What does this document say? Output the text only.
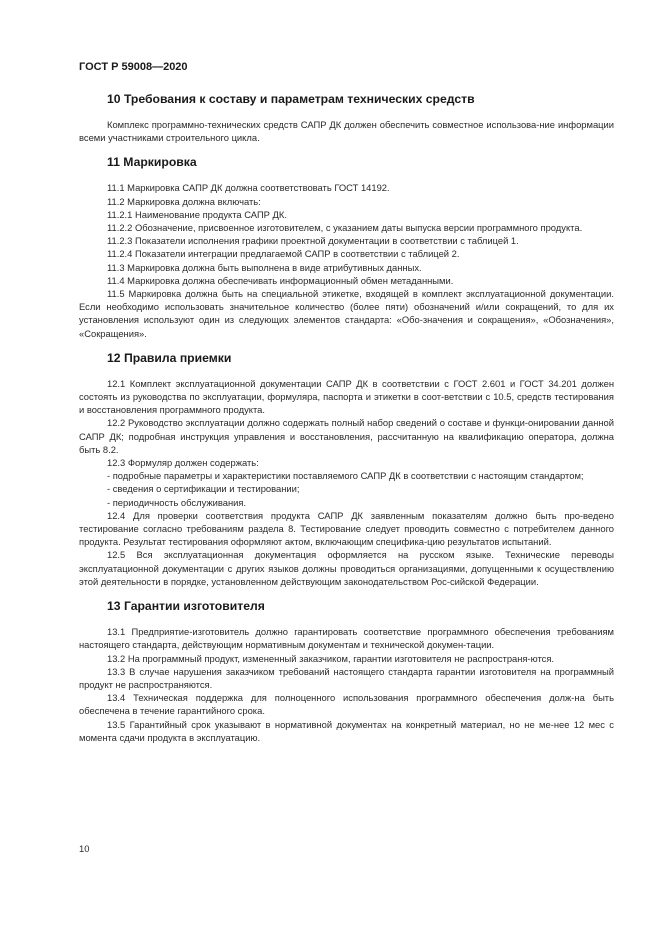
ГОСТ Р 59008—2020
10 Требования к составу и параметрам технических средств

Комплекс программно-технических средств САПР ДК должен обеспечить совместное использова-ние информации всеми участниками строительного цикла.

11 Маркировка

11.1 Маркировка САПР ДК должна соответствовать ГОСТ 14192.

11.2 Маркировка должна включать:

11.2.1 Наименование продукта САПР ДК.

11.2.2 Обозначение, присвоенное изготовителем, с указанием даты выпуска версии программного продукта.

11.2.3 Показатели исполнения графики проектной документации в соответствии с таблицей 1.

11.2.4 Показатели интеграции предлагаемой САПР в соответствии с таблицей 2.

11.3 Маркировка должна быть выполнена в виде атрибутивных данных.

11.4 Маркировка должна обеспечивать информационный обмен метаданными.

11.5 Маркировка должна быть на специальной этикетке, входящей в комплект эксплуатационной документации. Если необходимо использовать значительное количество (более пяти) обозначений и/или сокращений, то для их установления используют один из следующих элементов стандарта: «Обо-значения и сокращения», «Обозначения», «Сокращения».

12 Правила приемки

12.1 Комплект эксплуатационной документации САПР ДК в соответствии с ГОСТ 2.601 и ГОСТ 34.201 должен состоять из руководства по эксплуатации, формуляра, паспорта и этикетки в соот-ветствии с 10.5, средств тестирования и восстановления программного продукта.

12.2 Руководство эксплуатации должно содержать полный набор сведений о составе и функци-онировании данной САПР ДК; подробная инструкция управления и восстановления, рассчитанную на квалификацию оператора, должна быть 8.2.

12.3 Формуляр должен содержать:

- подробные параметры и характеристики поставляемого САПР ДК в соответствии с настоящим стандартом;

- сведения о сертификации и тестировании;

- периодичность обслуживания.

12.4 Для проверки соответствия продукта САПР ДК заявленным показателям должно быть про-ведено тестирование согласно требованиям раздела 8. Тестирование следует проводить совместно с потребителем данного продукта. Результат тестирования оформляют актом, включающим специфика-цию результатов испытаний.

12.5 Вся эксплуатационная документация оформляется на русском языке. Технические переводы эксплуатационной документации с других языков должны проводиться организациями, допущенными к осуществлению этой деятельности в порядке, установленном действующим законодательством Рос-сийской Федерации.

13 Гарантии изготовителя

13.1 Предприятие-изготовитель должно гарантировать соответствие программного обеспечения требованиям настоящего стандарта, действующим нормативным документам и технической докумен-тации.

13.2 На программный продукт, измененный заказчиком, гарантии изготовителя не распространя-ются.

13.3 В случае нарушения заказчиком требований настоящего стандарта гарантии изготовителя на программный продукт не распространяются.

13.4 Техническая поддержка для полноценного использования программного обеспечения долж-на быть обеспечена в течение гарантийного срока.

13.5 Гарантийный срок указывают в нормативной документах на конкретный материал, но не ме-нее 12 мес с момента сдачи продукта в эксплуатацию.

10
